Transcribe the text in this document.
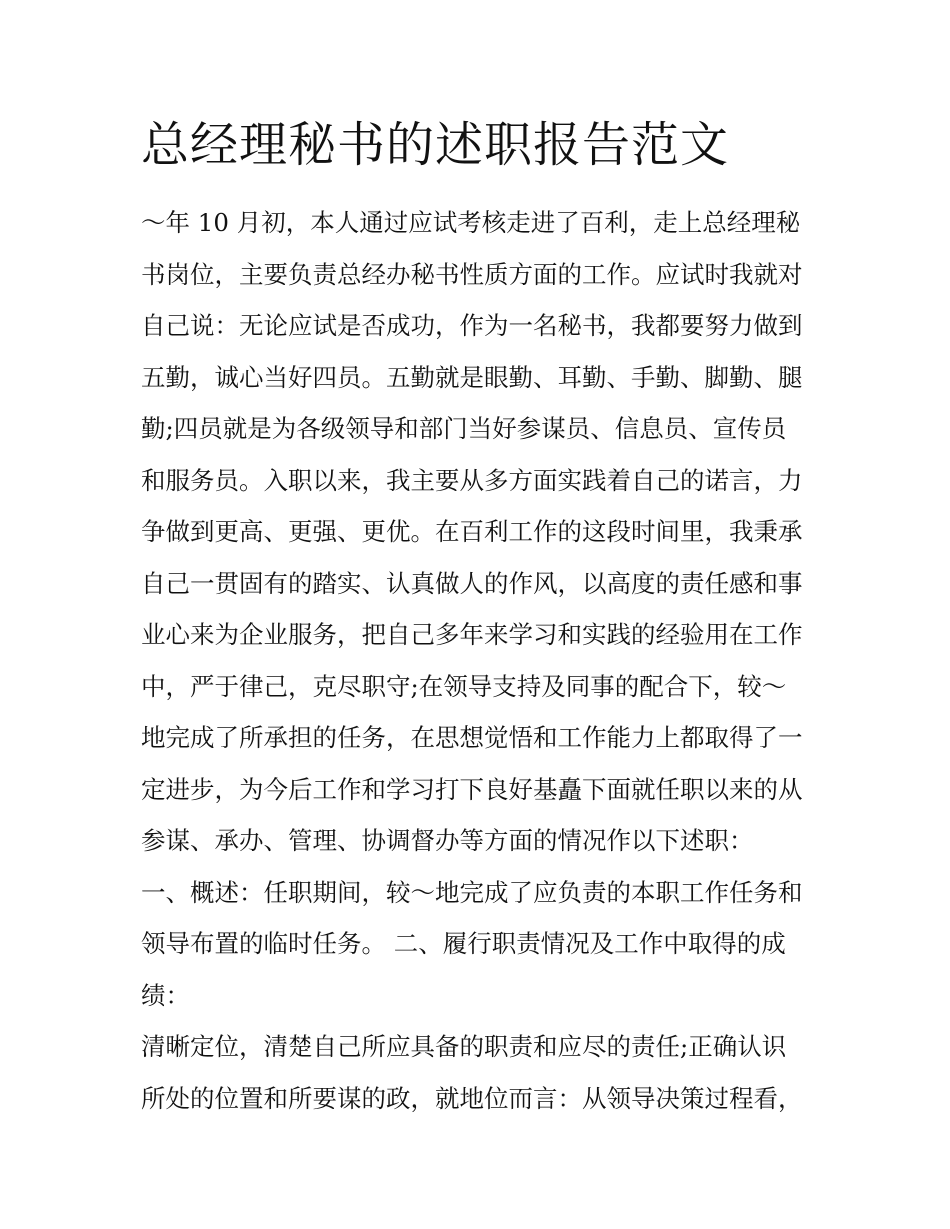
总经理秘书的述职报告范文
～年 10 月初，本人通过应试考核走进了百利，走上总经理秘
书岗位，主要负责总经办秘书性质方面的工作。应试时我就对
自己说：无论应试是否成功，作为一名秘书，我都要努力做到
五勤，诚心当好四员。五勤就是眼勤、耳勤、手勤、脚勤、腿
勤;四员就是为各级领导和部门当好参谋员、信息员、宣传员
和服务员。入职以来，我主要从多方面实践着自己的诺言，力
争做到更高、更强、更优。在百利工作的这段时间里，我秉承
自己一贯固有的踏实、认真做人的作风，以高度的责任感和事
业心来为企业服务，把自己多年来学习和实践的经验用在工作
中，严于律己，克尽职守;在领导支持及同事的配合下，较～
地完成了所承担的任务，在思想觉悟和工作能力上都取得了一
定进步，为今后工作和学习打下良好基矗下面就任职以来的从
参谋、承办、管理、协调督办等方面的情况作以下述职：
一、概述：任职期间，较～地完成了应负责的本职工作任务和
领导布置的临时任务。 二、履行职责情况及工作中取得的成
绩：
清晰定位，清楚自己所应具备的职责和应尽的责任;正确认识
所处的位置和所要谋的政，就地位而言：从领导决策过程看，
